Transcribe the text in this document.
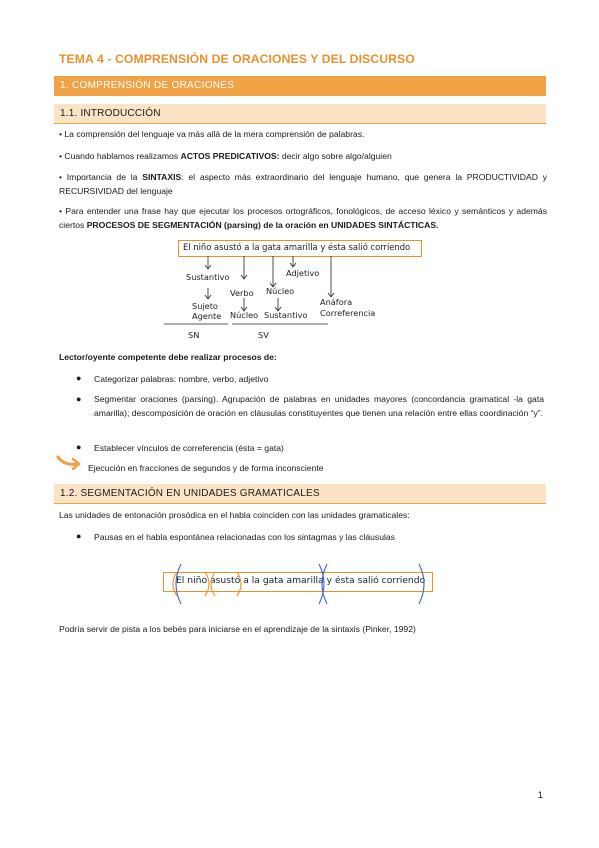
TEMA 4 - COMPRENSIÓN DE ORACIONES Y DEL DISCURSO
1. COMPRENSIÓN DE ORACIONES
1.1. INTRODUCCIÓN
• La comprensión del lenguaje va más allá de la mera comprensión de palabras.
• Cuando hablamos realizamos ACTOS PREDICATIVOS: decir algo sobre algo/alguien
• Importancia de la SINTAXIS: el aspecto más extraordinario del lenguaje humano, que genera la PRODUCTIVIDAD y RECURSIVIDAD del lenguaje
• Para entender una frase hay que ejecutar los procesos ortográficos, fonológicos, de acceso léxico y semánticos y además ciertos PROCESOS DE SEGMENTACIÓN (parsing) de la oración en UNIDADES SINTÁCTICAS.
El niño asustó a la gata amarilla y ésta salió corriendo
Sustantivo
Verbo
Adjetivo
Núcleo
Anáfora
Sujeto
Agente Núcleo Sustantivo Correferencia
SN	SV
Lector/oyente competente debe realizar procesos de:
● Categorizar palabras: nombre, verbo, adjetivo
● Segmentar oraciones (parsing). Agrupación de palabras en unidades mayores (concordancia gramatical -la gata amarilla); descomposición de oración en cláusulas constituyentes que tienen una relación entre ellas coordinación “y”.
● Establecer vínculos de correferencia (ésta = gata)
Ejecución en fracciones de segundos y de forma inconsciente
1.2. SEGMENTACIÓN EN UNIDADES GRAMATICALES
Las unidades de entonación prosódica en el habla coinciden con las unidades gramaticales:
● Pausas en el habla espontánea relacionadas con los sintagmas y las cláusulas
El niño asustó a la gata amarilla y ésta salió corriendo
Podría servir de pista a los bebés para iniciarse en el aprendizaje de la sintaxis (Pinker, 1992)
1
